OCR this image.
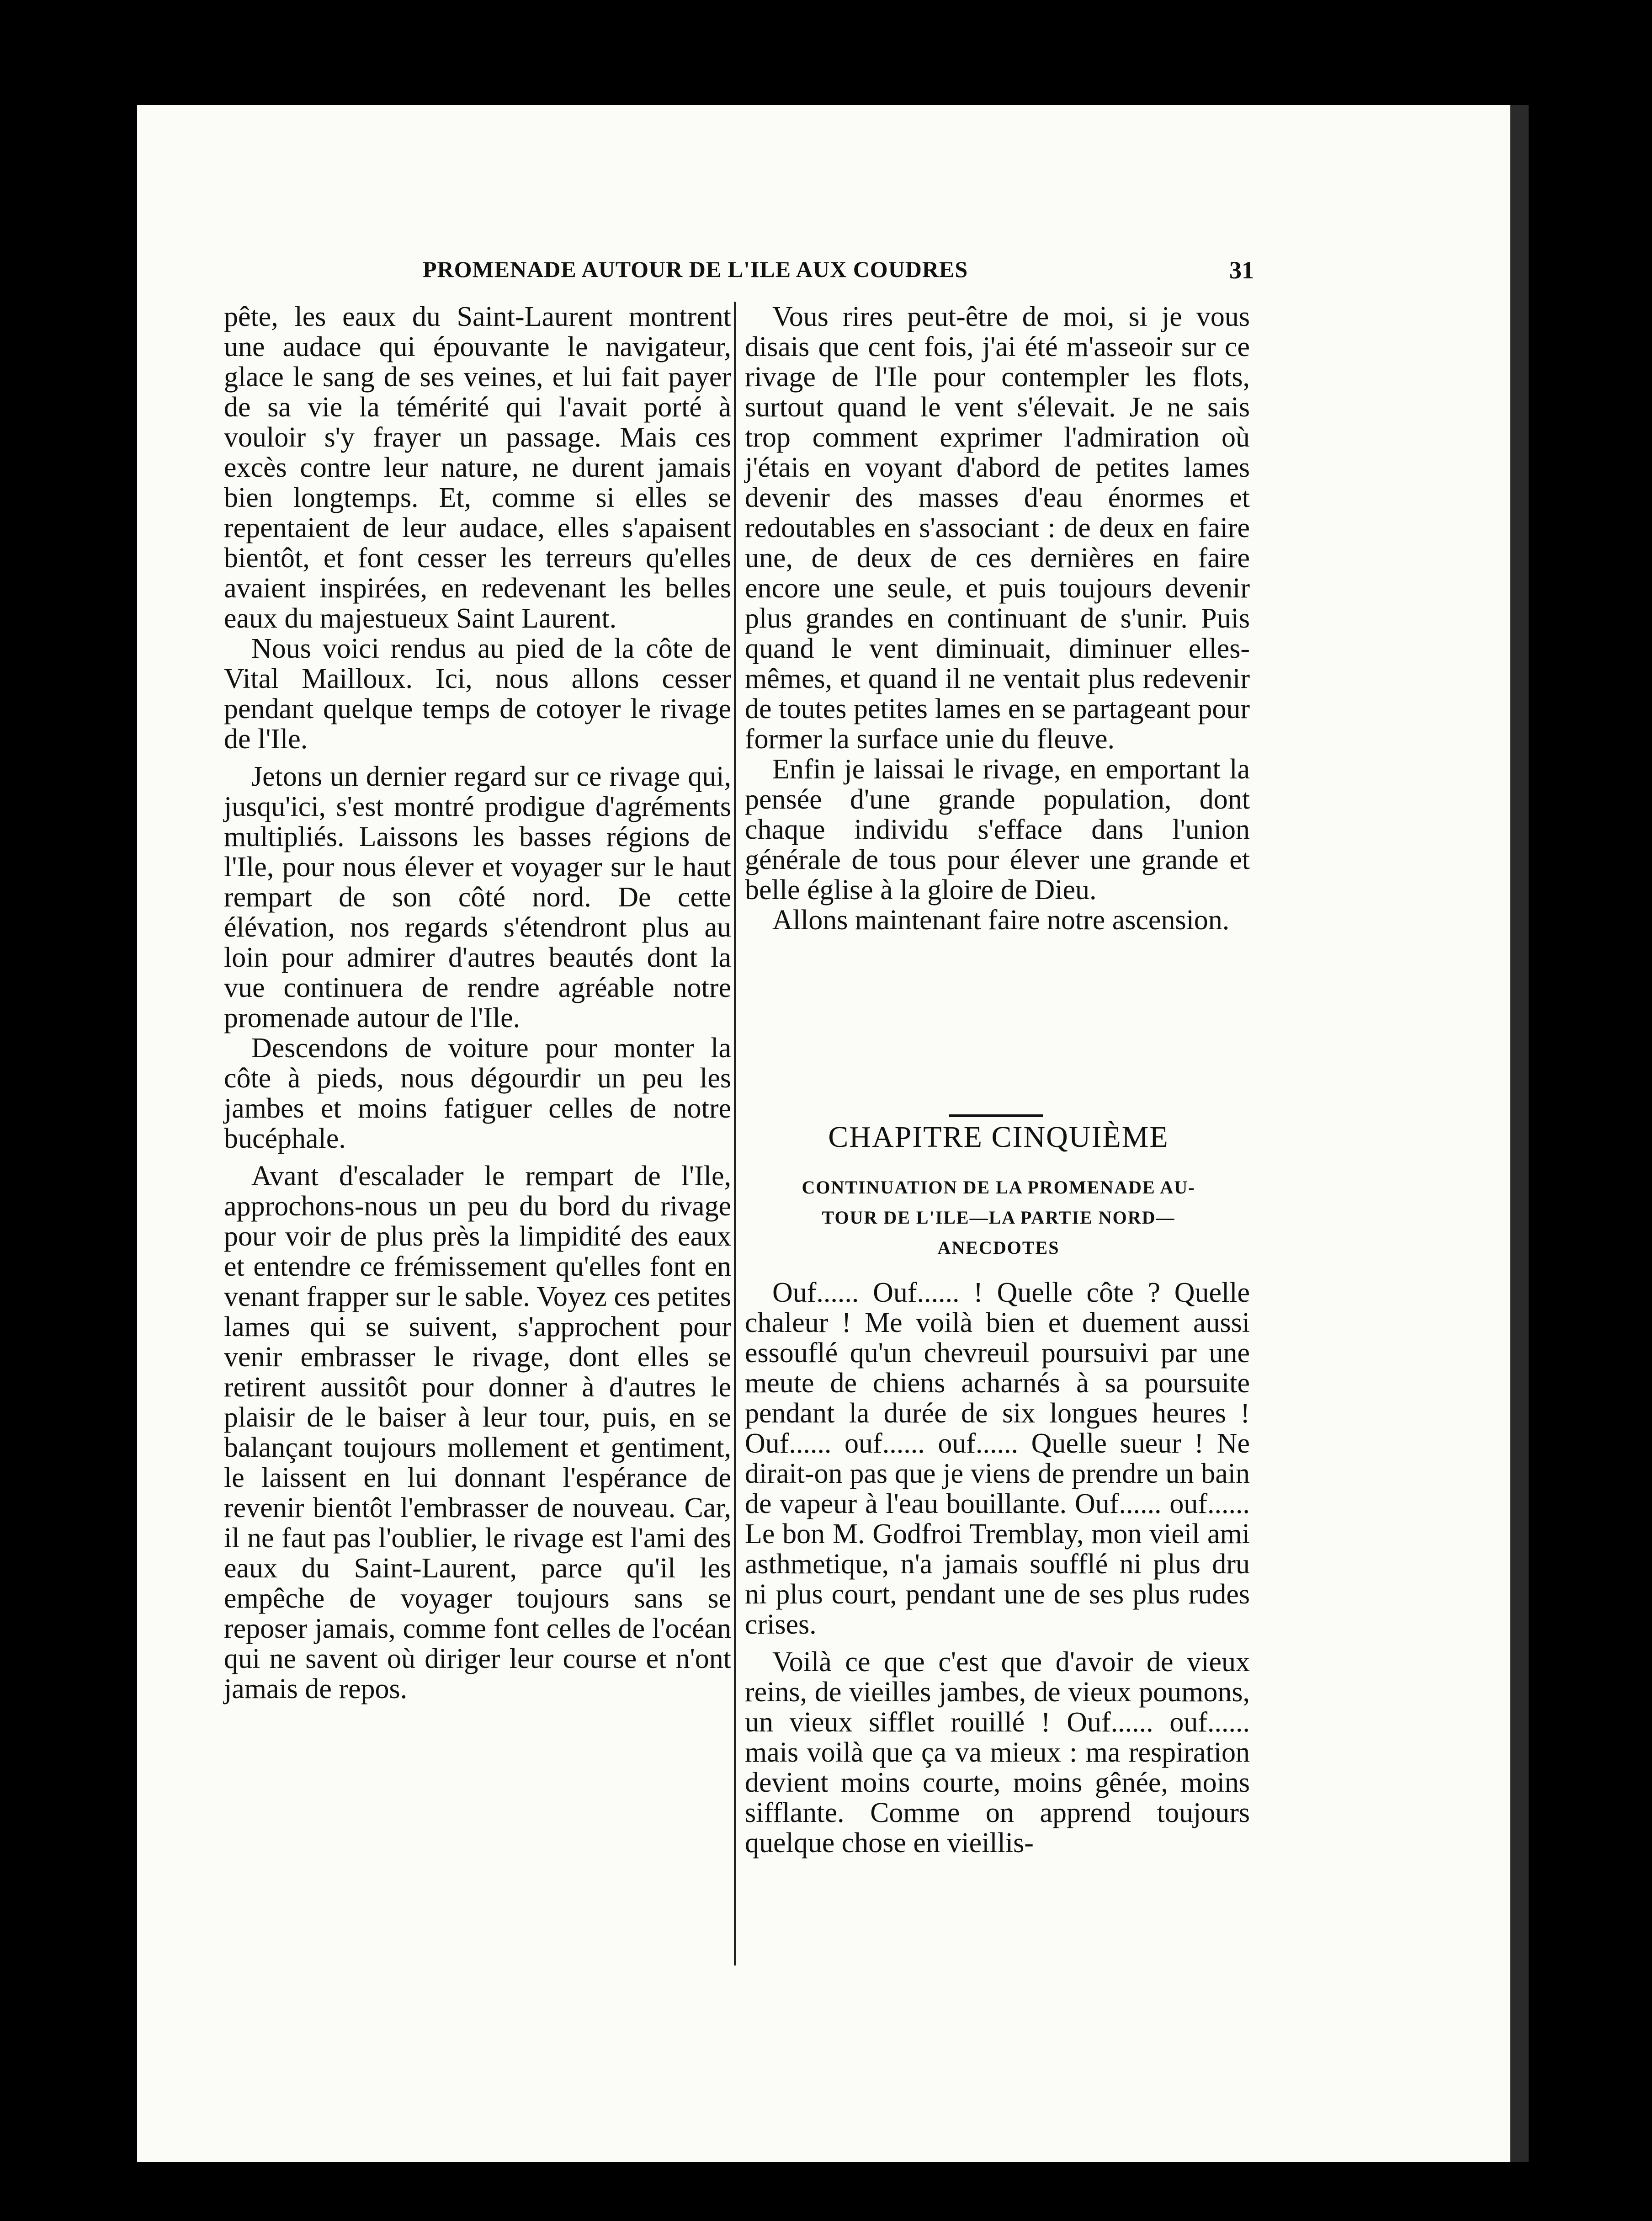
PROMENADE AUTOUR DE L'ILE AUX COUDRES	31

pête, les eaux du Saint-Laurent montrent une audace qui épouvante le navigateur, glace le sang de ses veines, et lui fait payer de sa vie la témérité qui l'avait porté à vouloir s'y frayer un passage. Mais ces excès contre leur nature, ne durent jamais bien longtemps. Et, comme si elles se repentaient de leur audace, elles s'apaisent bientôt, et font cesser les terreurs qu'elles avaient inspirées, en redevenant les belles eaux du majestueux Saint Laurent.

Nous voici rendus au pied de la côte de Vital Mailloux. Ici, nous allons cesser pendant quelque temps de cotoyer le rivage de l'Ile.

Jetons un dernier regard sur ce rivage qui, jusqu'ici, s'est montré prodigue d'agréments multipliés. Laissons les basses régions de l'Ile, pour nous élever et voyager sur le haut rempart de son côté nord. De cette élévation, nos regards s'étendront plus au loin pour admirer d'autres beautés dont la vue continuera de rendre agréable notre promenade autour de l'Ile.

Descendons de voiture pour monter la côte à pieds, nous dégourdir un peu les jambes et moins fatiguer celles de notre bucéphale.

Avant d'escalader le rempart de l'Ile, approchons-nous un peu du bord du rivage pour voir de plus près la limpidité des eaux et entendre ce frémissement qu'elles font en venant frapper sur le sable. Voyez ces petites lames qui se suivent, s'approchent pour venir embrasser le rivage, dont elles se retirent aussitôt pour donner à d'autres le plaisir de le baiser à leur tour, puis, en se balançant toujours mollement et gentiment, le laissent en lui donnant l'espérance de revenir bientôt l'embrasser de nouveau. Car, il ne faut pas l'oublier, le rivage est l'ami des eaux du Saint-Laurent, parce qu'il les empêche de voyager toujours sans se reposer jamais, comme font celles de l'océan qui ne savent où diriger leur course et n'ont jamais de repos.

Vous rires peut-être de moi, si je vous disais que cent fois, j'ai été m'asseoir sur ce rivage de l'Ile pour contempler les flots, surtout quand le vent s'élevait. Je ne sais trop comment exprimer l'admiration où j'étais en voyant d'abord de petites lames devenir des masses d'eau énormes et redoutables en s'associant : de deux en faire une, de deux de ces dernières en faire encore une seule, et puis toujours devenir plus grandes en continuant de s'unir. Puis quand le vent diminuait, diminuer elles-mêmes, et quand il ne ventait plus redevenir de toutes petites lames en se partageant pour former la surface unie du fleuve.

Enfin je laissai le rivage, en emportant la pensée d'une grande population, dont chaque individu s'efface dans l'union générale de tous pour élever une grande et belle église à la gloire de Dieu.

Allons maintenant faire notre ascension.

CHAPITRE CINQUIÈME
CONTINUATION DE LA PROMENADE AU-
TOUR DE L'ILE—LA PARTIE NORD—
ANECDOTES

Ouf...... Ouf...... ! Quelle côte ? Quelle chaleur ! Me voilà bien et duement aussi essouflé qu'un chevreuil poursuivi par une meute de chiens acharnés à sa poursuite pendant la durée de six longues heures ! Ouf...... ouf...... ouf...... Quelle sueur ! Ne dirait-on pas que je viens de prendre un bain de vapeur à l'eau bouillante. Ouf...... ouf...... Le bon M. Godfroi Tremblay, mon vieil ami asthmetique, n'a jamais soufflé ni plus dru ni plus court, pendant une de ses plus rudes crises.

Voilà ce que c'est que d'avoir de vieux reins, de vieilles jambes, de vieux poumons, un vieux sifflet rouillé ! Ouf...... ouf...... mais voilà que ça va mieux : ma respiration devient moins courte, moins gênée, moins sifflante. Comme on apprend toujours quelque chose en vieillis-
